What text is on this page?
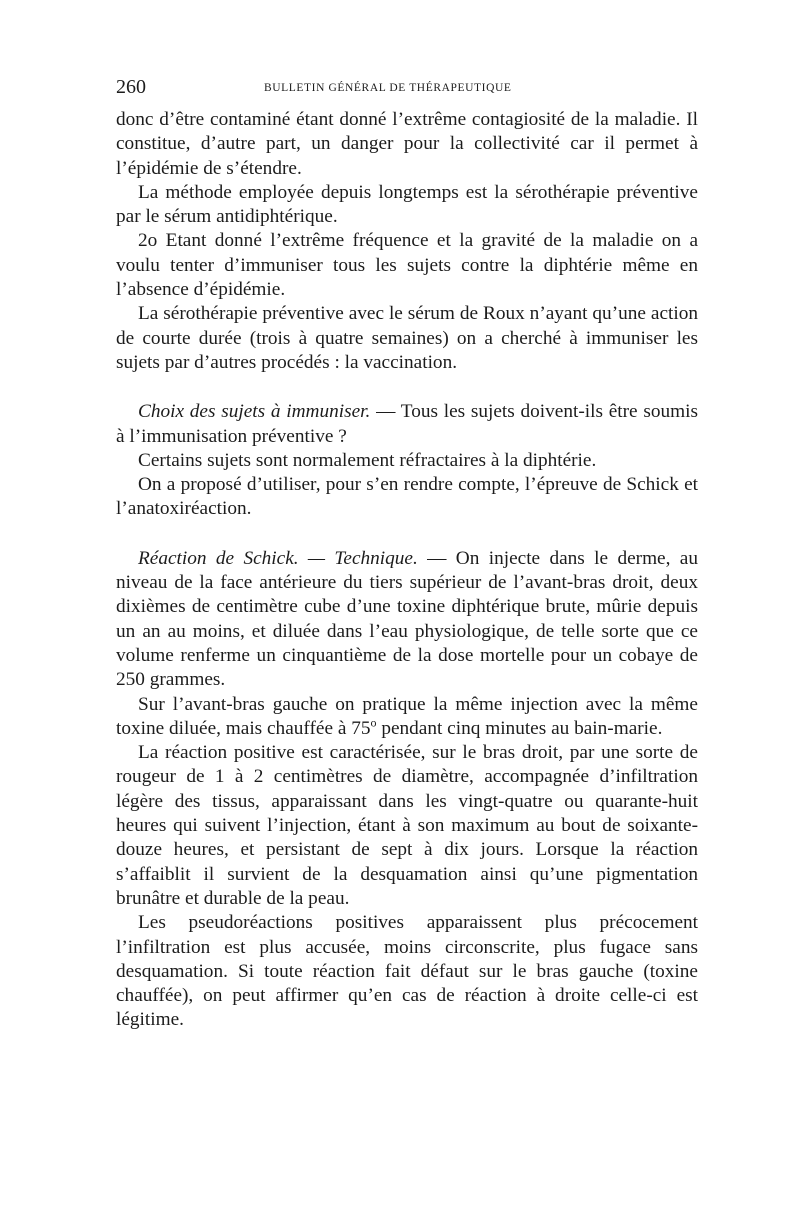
260	BULLETIN GÉNÉRAL DE THÉRAPEUTIQUE

donc d’être contaminé étant donné l’extrême contagiosité de la maladie. Il constitue, d’autre part, un danger pour la collectivité car il permet à l’épidémie de s’étendre.

La méthode employée depuis longtemps est la sérothérapie préventive par le sérum antidiphtérique.

2o Etant donné l’extrême fréquence et la gravité de la maladie on a voulu tenter d’immuniser tous les sujets contre la diphtérie même en l’absence d’épidémie.

La sérothérapie préventive avec le sérum de Roux n’ayant qu’une action de courte durée (trois à quatre semaines) on a cherché à immuniser les sujets par d’autres procédés : la vaccination.

Choix des sujets à immuniser. — Tous les sujets doivent-ils être soumis à l’immunisation préventive ?

Certains sujets sont normalement réfractaires à la diphtérie.

On a proposé d’utiliser, pour s’en rendre compte, l’épreuve de Schick et l’anatoxiréaction.

Réaction de Schick. — Technique. — On injecte dans le derme, au niveau de la face antérieure du tiers supérieur de l’avant-bras droit, deux dixièmes de centimètre cube d’une toxine diphtérique brute, mûrie depuis un an au moins, et diluée dans l’eau physiologique, de telle sorte que ce volume renferme un cinquantième de la dose mortelle pour un cobaye de 250 grammes.

Sur l’avant-bras gauche on pratique la même injection avec la même toxine diluée, mais chauffée à 75$^o$ pendant cinq minutes au bain-marie.

La réaction positive est caractérisée, sur le bras droit, par une sorte de rougeur de 1 à 2 centimètres de diamètre, accompagnée d’infiltration légère des tissus, apparaissant dans les vingt-quatre ou quarante-huit heures qui suivent l’injection, étant à son maximum au bout de soixante-douze heures, et persistant de sept à dix jours. Lorsque la réaction s’affaiblit il survient de la desquamation ainsi qu’une pigmentation brunâtre et durable de la peau.

Les pseudoréactions positives apparaissent plus précocement l’infiltration est plus accusée, moins circonscrite, plus fugace sans desquamation. Si toute réaction fait défaut sur le bras gauche (toxine chauffée), on peut affirmer qu’en cas de réaction à droite celle-ci est légitime.
